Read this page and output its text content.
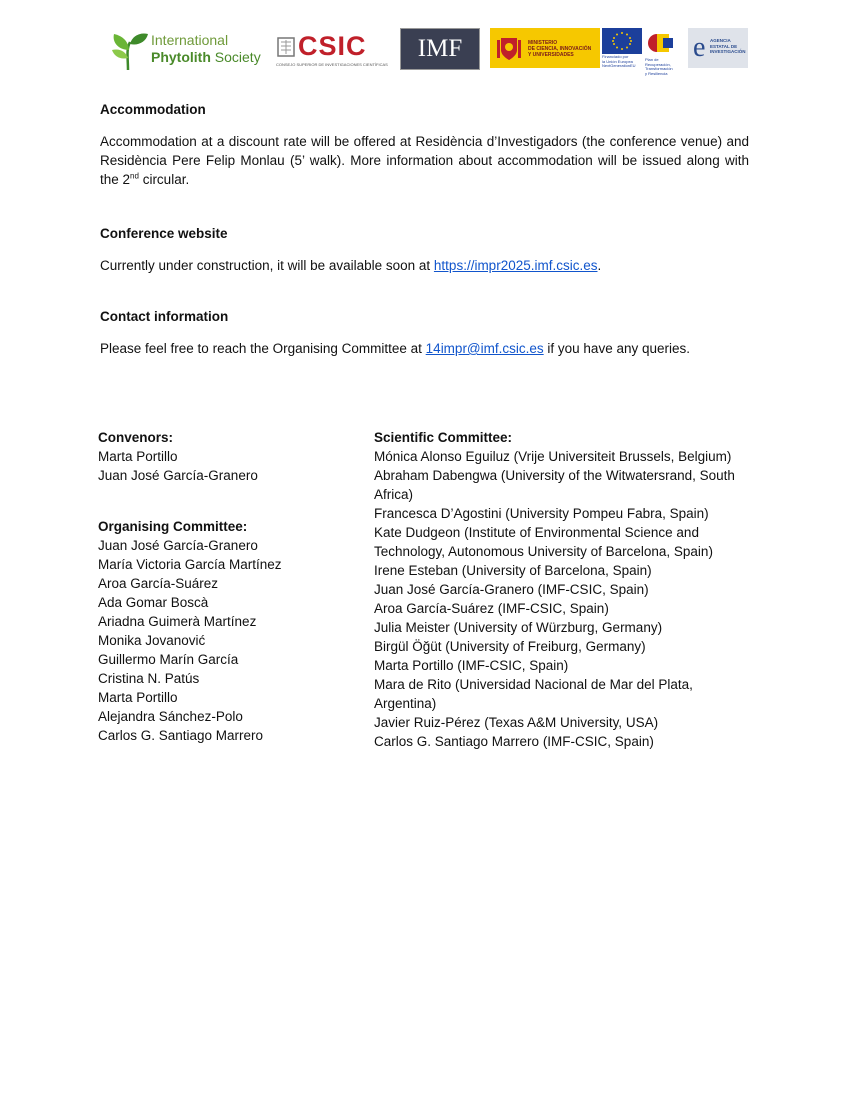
International
Phytolith Society CSIC
CONSEJO SUPERIOR DE INVESTIGACIONES CIENTÍFICAS
IMF	MINISTERIO
DE CIENCIA, INNOVACIÓN
Y UNIVERSIDADES	Financiado por
la Unión Europea
NextGenerationEU
Plan de Recuperación,
Transformación
y Resiliencia
e AGENCIA
ESTATAL DE
INVESTIGACIÓN

Accommodation

Accommodation at a discount rate will be offered at Residència d’Investigadors (the conference venue) and Residència Pere Felip Monlau (5’ walk). More information about accommodation will be issued along with the 2nd circular.

Conference website

Currently under construction, it will be available soon at https://impr2025.imf.csic.es.

Contact information

Please feel free to reach the Organising Committee at 14impr@imf.csic.es if you have any queries.

Convenors:

Marta Portillo
Juan José García-Granero

Organising Committee:

Juan José García-Granero
María Victoria García Martínez
Aroa García-Suárez
Ada Gomar Boscà
Ariadna Guimerà Martínez
Monika Jovanović
Guillermo Marín García
Cristina N. Patús
Marta Portillo
Alejandra Sánchez-Polo
Carlos G. Santiago Marrero

Scientific Committee:

Mónica Alonso Eguiluz (Vrije Universiteit Brussels, Belgium)
Abraham Dabengwa (University of the Witwatersrand, South Africa)
Francesca D’Agostini (University Pompeu Fabra, Spain)
Kate Dudgeon (Institute of Environmental Science and Technology, Autonomous University of Barcelona, Spain)
Irene Esteban (University of Barcelona, Spain)
Juan José García-Granero (IMF-CSIC, Spain)
Aroa García-Suárez (IMF-CSIC, Spain)
Julia Meister (University of Würzburg, Germany)
Birgül Öğüt (University of Freiburg, Germany)
Marta Portillo (IMF-CSIC, Spain)
Mara de Rito (Universidad Nacional de Mar del Plata, Argentina)
Javier Ruiz-Pérez (Texas A&M University, USA)
Carlos G. Santiago Marrero (IMF-CSIC, Spain)
